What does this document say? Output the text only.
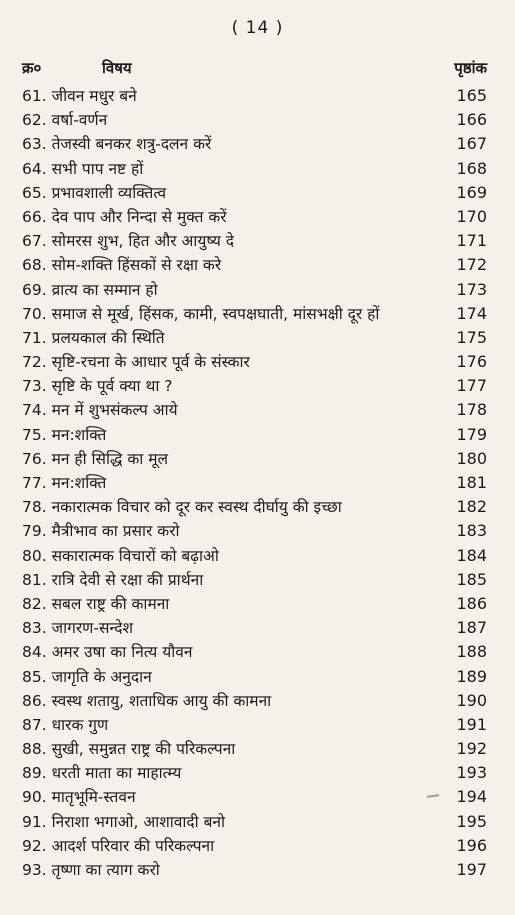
( 14 )
क्र०	विषय	पृष्ठांक
61. जीवन मधुर बने	165
62. वर्षा-वर्णन	166
63. तेजस्वी बनकर शत्रु-दलन करें	167
64. सभी पाप नष्ट हों	168
65. प्रभावशाली व्यक्तित्व	169
66. देव पाप और निन्दा से मुक्त करें	170
67. सोमरस शुभ, हित और आयुष्य दे	171
68. सोम-शक्ति हिंसकों से रक्षा करे	172
69. व्रात्य का सम्मान हो	173
70. समाज से मूर्ख, हिंसक, कामी, स्वपक्षघाती, मांसभक्षी दूर हों	174
71. प्रलयकाल की स्थिति	175
72. सृष्टि-रचना के आधार पूर्व के संस्कार	176
73. सृष्टि के पूर्व क्या था ?	177
74. मन में शुभसंकल्प आये	178
75. मन:शक्ति	179
76. मन ही सिद्धि का मूल	180
77. मन:शक्ति	181
78. नकारात्मक विचार को दूर कर स्वस्थ दीर्घायु की इच्छा	182
79. मैत्रीभाव का प्रसार करो	183
80. सकारात्मक विचारों को बढ़ाओ	184
81. रात्रि देवी से रक्षा की प्रार्थना	185
82. सबल राष्ट्र की कामना	186
83. जागरण-सन्देश	187
84. अमर उषा का नित्य यौवन	188
85. जागृति के अनुदान	189
86. स्वस्थ शतायु, शताधिक आयु की कामना	190
87. धारक गुण	191
88. सुखी, समुन्नत राष्ट्र की परिकल्पना	192
89. धरती माता का माहात्म्य	193
90. मातृभूमि-स्तवन	194
91. निराशा भगाओ, आशावादी बनो	195
92. आदर्श परिवार की परिकल्पना	196
93. तृष्णा का त्याग करो	197
